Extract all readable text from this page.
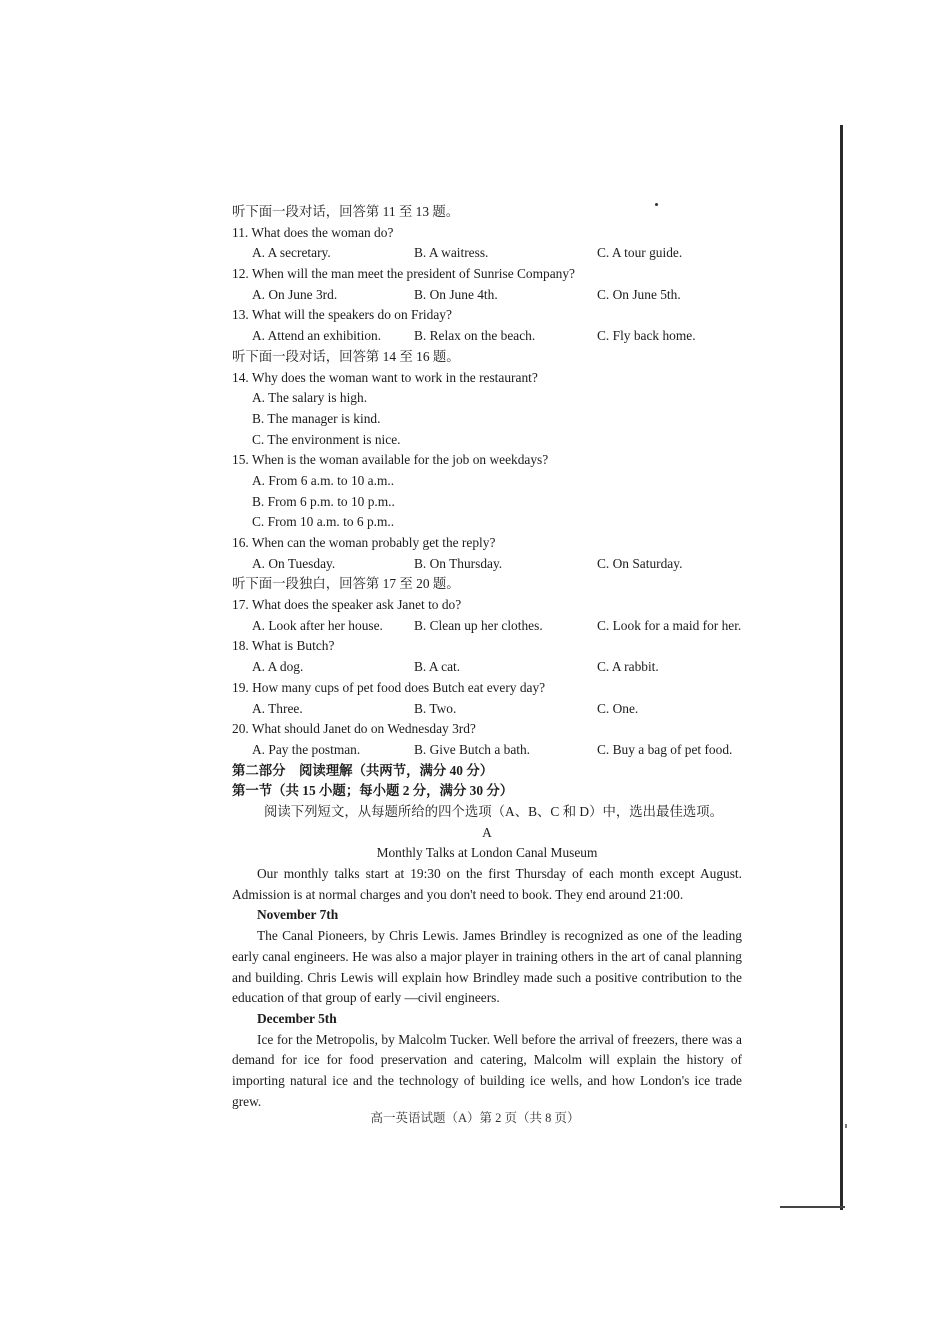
听下面一段对话，回答第 11 至 13 题。
11. What does the woman do?
A. A secretary.	B. A waitress.	C. A tour guide.
12. When will the man meet the president of Sunrise Company?
A. On June 3rd.	B. On June 4th.	C. On June 5th.
13. What will the speakers do on Friday?
A. Attend an exhibition. B. Relax on the beach.	C. Fly back home.
听下面一段对话，回答第 14 至 16 题。
14. Why does the woman want to work in the restaurant?
A. The salary is high.
B. The manager is kind.
C. The environment is nice.
15. When is the woman available for the job on weekdays?
A. From 6 a.m. to 10 a.m..
B. From 6 p.m. to 10 p.m..
C. From 10 a.m. to 6 p.m..
16. When can the woman probably get the reply?
A. On Tuesday.	B. On Thursday.	C. On Saturday.
听下面一段独白，回答第 17 至 20 题。
17. What does the speaker ask Janet to do?
A. Look after her house. B. Clean up her clothes.	C. Look for a maid for her.
18. What is Butch?
A. A dog.	B. A cat.	C. A rabbit.
19. How many cups of pet food does Butch eat every day?
A. Three.	B. Two.	C. One.
20. What should Janet do on Wednesday 3rd?
A. Pay the postman.	B. Give Butch a bath.	C. Buy a bag of pet food.
第二部分　阅读理解（共两节，满分 40 分）
第一节（共 15 小题；每小题 2 分，满分 30 分）
阅读下列短文，从每题所给的四个选项（A、B、C 和 D）中，选出最佳选项。
A
Monthly Talks at London Canal Museum
Our monthly talks start at 19:30 on the first Thursday of each month except August. Admission is at normal charges and you don't need to book. They end around 21:00.
November 7th
The Canal Pioneers, by Chris Lewis. James Brindley is recognized as one of the leading early canal engineers. He was also a major player in training others in the art of canal planning and building. Chris Lewis will explain how Brindley made such a positive contribution to the education of that group of early —civil engineers.
December 5th
Ice for the Metropolis, by Malcolm Tucker. Well before the arrival of freezers, there was a demand for ice for food preservation and catering, Malcolm will explain the history of importing natural ice and the technology of building ice wells, and how London's ice trade grew.
高一英语试题（A）第 2 页（共 8 页）
